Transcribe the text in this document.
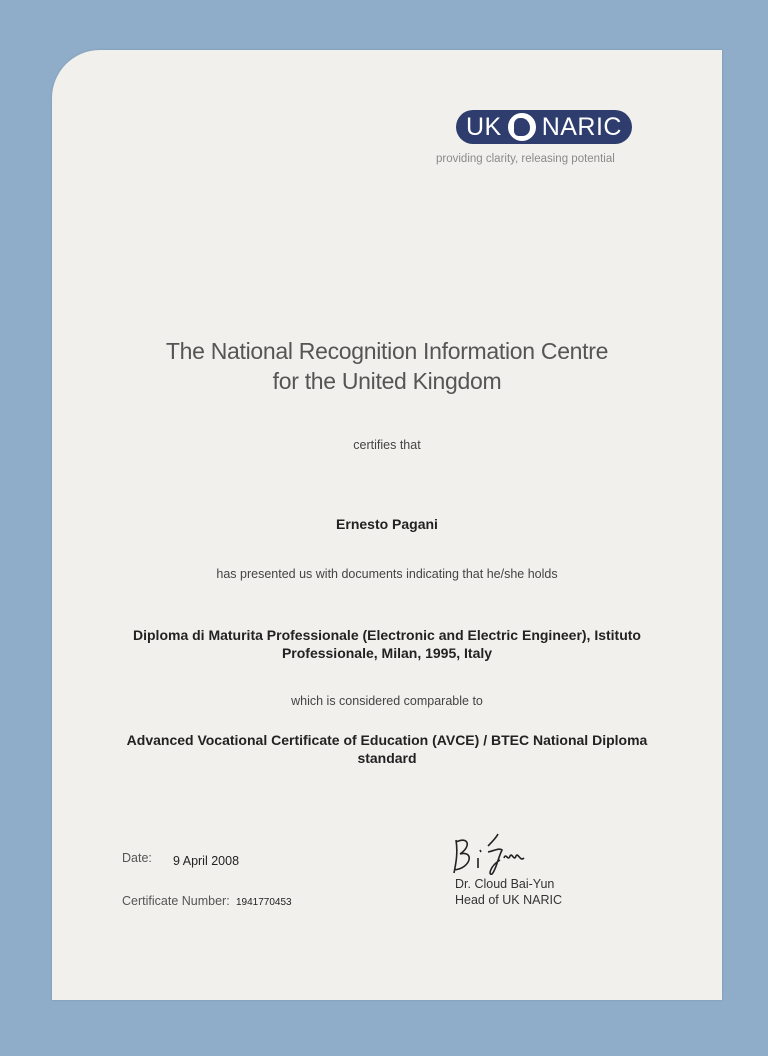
UK NARIC
providing clarity, releasing potential
The National Recognition Information Centre
for the United Kingdom
certifies that
Ernesto Pagani
has presented us with documents indicating that he/she holds
Diploma di Maturita Professionale (Electronic and Electric Engineer), Istituto
Professionale, Milan, 1995, Italy
which is considered comparable to
Advanced Vocational Certificate of Education (AVCE) / BTEC National Diploma
standard
Date: 9 April 2008
Certificate Number: 1941770453
Dr. Cloud Bai-Yun
Head of UK NARIC
